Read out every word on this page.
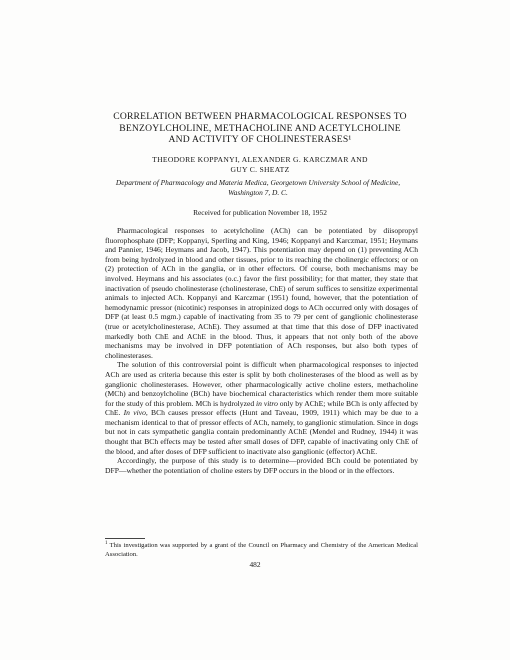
CORRELATION BETWEEN PHARMACOLOGICAL RESPONSES TO
BENZOYLCHOLINE, METHACHOLINE AND ACETYLCHOLINE
AND ACTIVITY OF CHOLINESTERASES¹
THEODORE KOPPANYI, ALEXANDER G. KARCZMAR AND
GUY C. SHEATZ
Department of Pharmacology and Materia Medica, Georgetown University School of Medicine,
Washington 7, D. C.
Received for publication November 18, 1952

Pharmacological responses to acetylcholine (ACh) can be potentiated by diisopropyl fluorophosphate (DFP; Koppanyi, Sperling and King, 1946; Koppanyi and Karczmar, 1951; Heymans and Pannier, 1946; Heymans and Jacob, 1947). This potentiation may depend on (1) preventing ACh from being hydrolyzed in blood and other tissues, prior to its reaching the cholinergic effectors; or on (2) protection of ACh in the ganglia, or in other effectors. Of course, both mechanisms may be involved. Heymans and his associates (o.c.) favor the first possibility; for that matter, they state that inactivation of pseudo cholinesterase (cholinesterase, ChE) of serum suffices to sensitize experimental animals to injected ACh. Koppanyi and Karczmar (1951) found, however, that the potentiation of hemodynamic pressor (nicotinic) responses in atropinized dogs to ACh occurred only with dosages of DFP (at least 0.5 mgm.) capable of inactivating from 35 to 79 per cent of ganglionic cholinesterase (true or acetylcholinesterase, AChE). They assumed at that time that this dose of DFP inactivated markedly both ChE and AChE in the blood. Thus, it appears that not only both of the above mechanisms may be involved in DFP potentiation of ACh responses, but also both types of cholinesterases.

The solution of this controversial point is difficult when pharmacological responses to injected ACh are used as criteria because this ester is split by both cholinesterases of the blood as well as by ganglionic cholinesterases. However, other pharmacologically active choline esters, methacholine (MCh) and benzoylcholine (BCh) have biochemical characteristics which render them more suitable for the study of this problem. MCh is hydrolyzed in vitro only by AChE; while BCh is only affected by ChE. In vivo, BCh causes pressor effects (Hunt and Taveau, 1909, 1911) which may be due to a mechanism identical to that of pressor effects of ACh, namely, to ganglionic stimulation. Since in dogs but not in cats sympathetic ganglia contain predominantly AChE (Mendel and Rudney, 1944) it was thought that BCh effects may be tested after small doses of DFP, capable of inactivating only ChE of the blood, and after doses of DFP sufficient to inactivate also ganglionic (effector) AChE.

Accordingly, the purpose of this study is to determine—provided BCh could be potentiated by DFP—whether the potentiation of choline esters by DFP occurs in the blood or in the effectors.

$^1$ This investigation was supported by a grant of the Council on Pharmacy and Chemistry of the American Medical Association.
482
